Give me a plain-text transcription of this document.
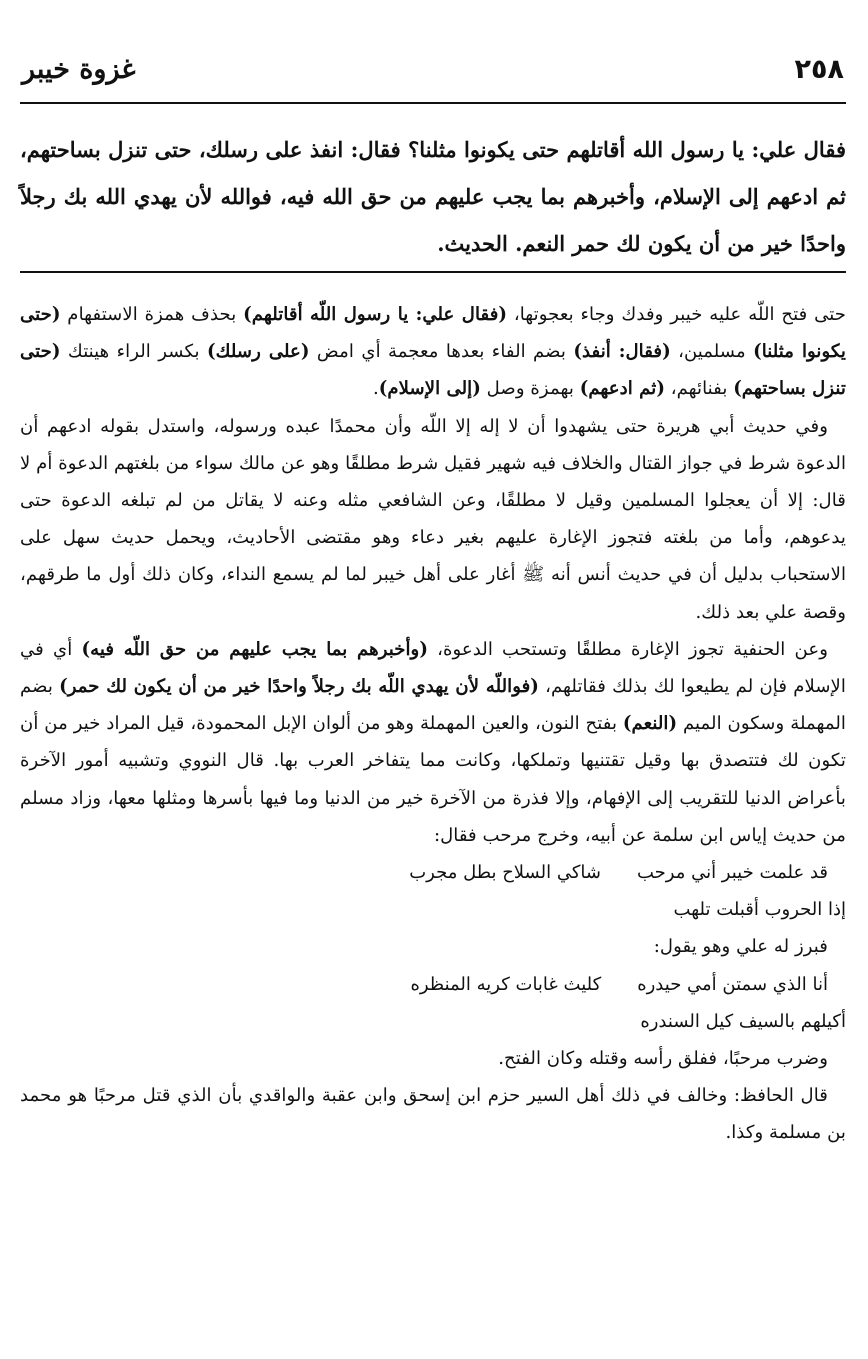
٢٥٨
غزوة خيبر
فقال علي: يا رسول الله أقاتلهم حتى يكونوا مثلنا؟ فقال: انفذ على رسلك، حتى تنزل بساحتهم، ثم ادعهم إلى الإسلام، وأخبرهم بما يجب عليهم من حق الله فيه، فوالله لأن يهدي الله بك رجلاً واحدًا خير من أن يكون لك حمر النعم. الحديث.

حتى فتح اللّه عليه خيبر وفدك وجاء بعجوتها، (فقال علي: يا رسول اللّه أقاتلهم) بحذف همزة الاستفهام (حتى يكونوا مثلنا) مسلمين، (فقال: أنفذ) بضم الفاء بعدها معجمة أي امض (على رسلك) بكسر الراء هينتك (حتى تنزل بساحتهم) بفنائهم، (ثم ادعهم) بهمزة وصل (إلى الإسلام).

وفي حديث أبي هريرة حتى يشهدوا أن لا إله إلا اللّه وأن محمدًا عبده ورسوله، واستدل بقوله ادعهم أن الدعوة شرط في جواز القتال والخلاف فيه شهير فقيل شرط مطلقًا وهو عن مالك سواء من بلغتهم الدعوة أم لا قال: إلا أن يعجلوا المسلمين وقيل لا مطلقًا، وعن الشافعي مثله وعنه لا يقاتل من لم تبلغه الدعوة حتى يدعوهم، وأما من بلغته فتجوز الإغارة عليهم بغير دعاء وهو مقتضى الأحاديث، ويحمل حديث سهل على الاستحباب بدليل أن في حديث أنس أنه ﷺ أغار على أهل خيبر لما لم يسمع النداء، وكان ذلك أول ما طرقهم، وقصة علي بعد ذلك.

وعن الحنفية تجوز الإغارة مطلقًا وتستحب الدعوة، (وأخبرهم بما يجب عليهم من حق اللّه فيه) أي في الإسلام فإن لم يطيعوا لك بذلك فقاتلهم، (فواللّه لأن يهدي اللّه بك رجلاً واحدًا خير من أن يكون لك حمر) بضم المهملة وسكون الميم (النعم) بفتح النون، والعين المهملة وهو من ألوان الإبل المحمودة، قيل المراد خير من أن تكون لك فتتصدق بها وقيل تقتنيها وتملكها، وكانت مما يتفاخر العرب بها. قال النووي وتشبيه أمور الآخرة بأعراض الدنيا للتقريب إلى الإفهام، وإلا فذرة من الآخرة خير من الدنيا وما فيها بأسرها ومثلها معها، وزاد مسلم من حديث إياس ابن سلمة عن أبيه، وخرج مرحب فقال:

قد علمت خيبر أني مرحبشاكي السلاح بطل مجرب
إذا الحروب أقبلت تلهب

فبرز له علي وهو يقول:

أنا الذي سمتن أمي حيدرهكليث غابات كريه المنظره
أكيلهم بالسيف كيل السندره

وضرب مرحبًا، ففلق رأسه وقتله وكان الفتح.

قال الحافظ: وخالف في ذلك أهل السير حزم ابن إسحق وابن عقبة والواقدي بأن الذي قتل مرحبًا هو محمد بن مسلمة وكذا.
